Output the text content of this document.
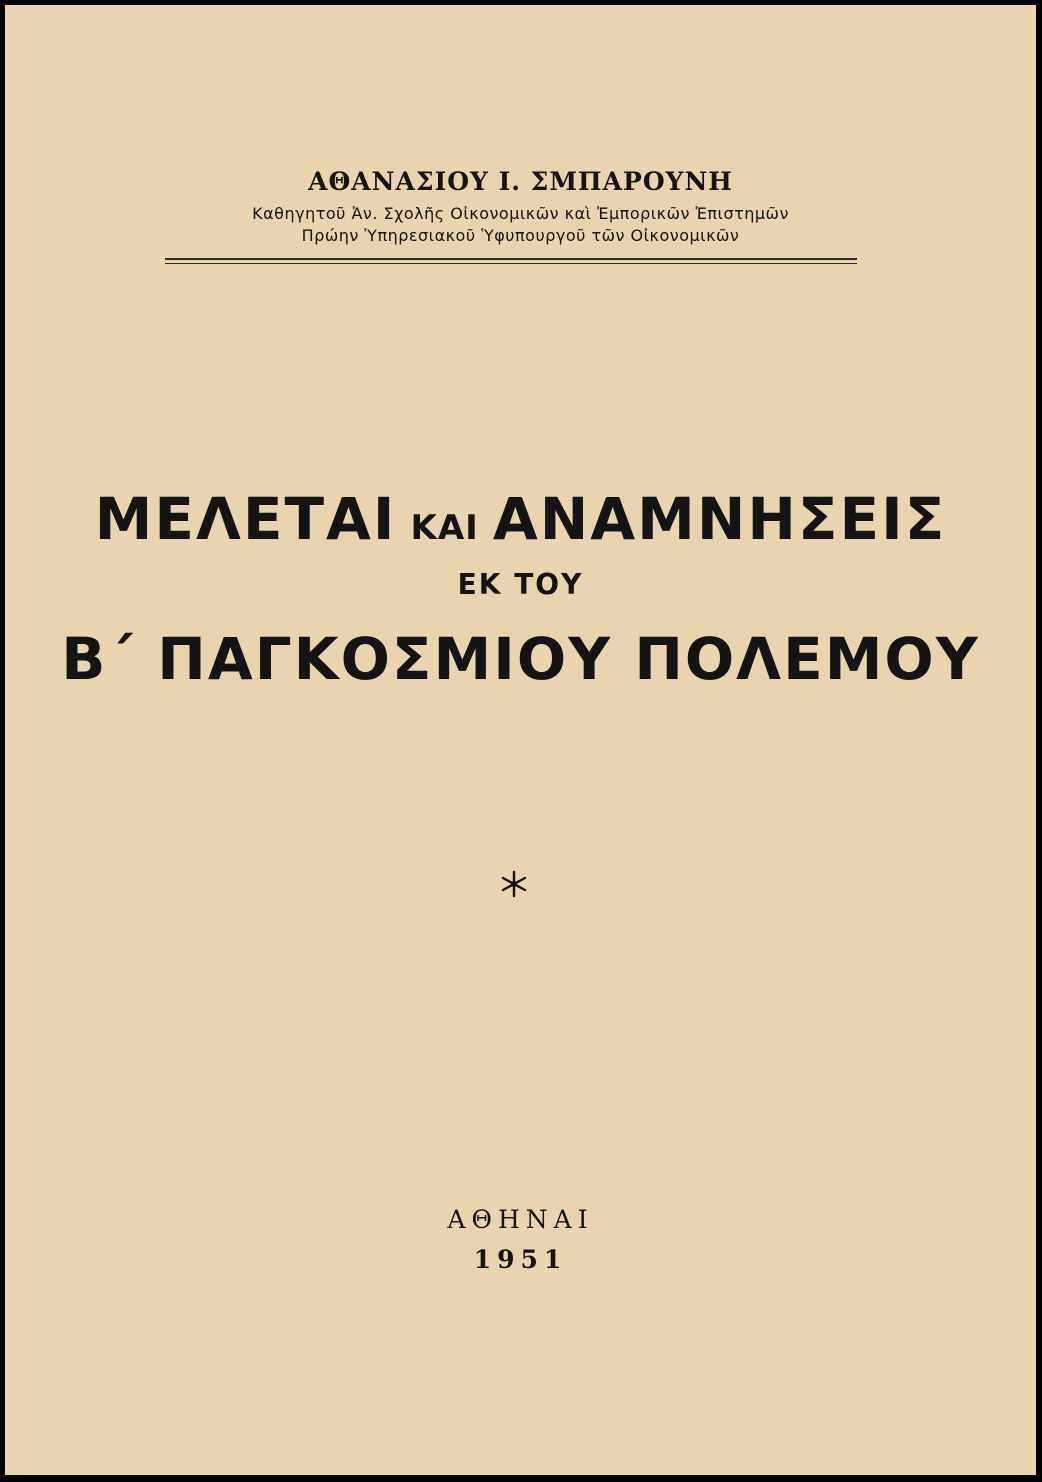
ΑΘΑΝΑΣΙΟΥ Ι. ΣΜΠΑΡΟΥΝΗ
Καθηγητοῦ Ἀν. Σχολῆς Οἰκονομικῶν καὶ Ἐμπορικῶν Ἐπιστημῶν
Πρώην Ὑπηρεσιακοῦ Ὑφυπουργοῦ τῶν Οἰκονομικῶν
ΜΕΛΕΤΑΙ ΚΑΙ ΑΝΑΜΝΗΣΕΙΣ
ΕΚ ΤΟΥ
Β΄ ΠΑΓΚΟΣΜΙΟΥ ΠΟΛΕΜΟΥ
ΑΘΗΝΑΙ
1951
